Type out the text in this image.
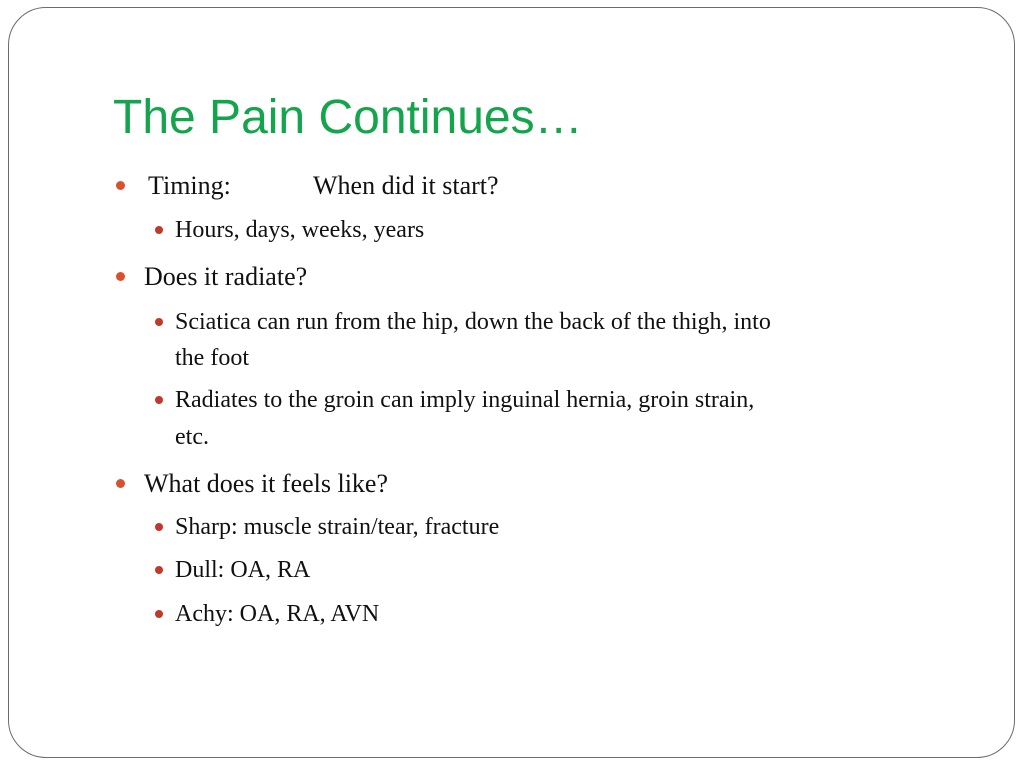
The Pain Continues…
Timing:	When did it start?
Hours, days, weeks, years
Does it radiate?
Sciatica can run from the hip, down the back of the thigh, into
the foot
Radiates to the groin can imply inguinal hernia, groin strain,
etc.
What does it feels like?
Sharp: muscle strain/tear, fracture
Dull: OA, RA
Achy: OA, RA, AVN
